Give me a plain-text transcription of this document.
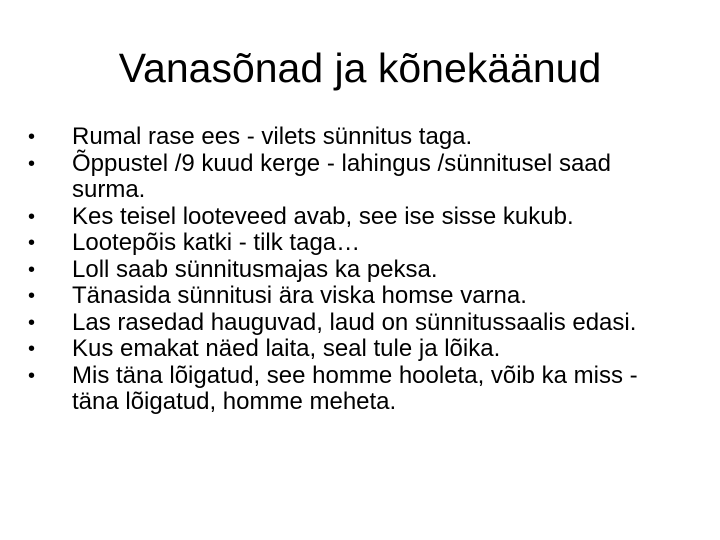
Vanasõnad ja kõnekäänud
•	Rumal rase ees - vilets sünnitus taga.
•	Õppustel /9 kuud kerge - lahingus /sünnitusel saad surma.
•	Kes teisel looteveed avab, see ise sisse kukub.
•	Lootepõis katki - tilk taga…
•	Loll saab sünnitusmajas ka peksa.
•	Tänasida sünnitusi ära viska homse varna.
•	Las rasedad hauguvad, laud on sünnitussaalis edasi.
•	Kus emakat näed laita, seal tule ja lõika.
•	Mis täna lõigatud, see homme hooleta, võib ka miss - täna lõigatud, homme meheta.
